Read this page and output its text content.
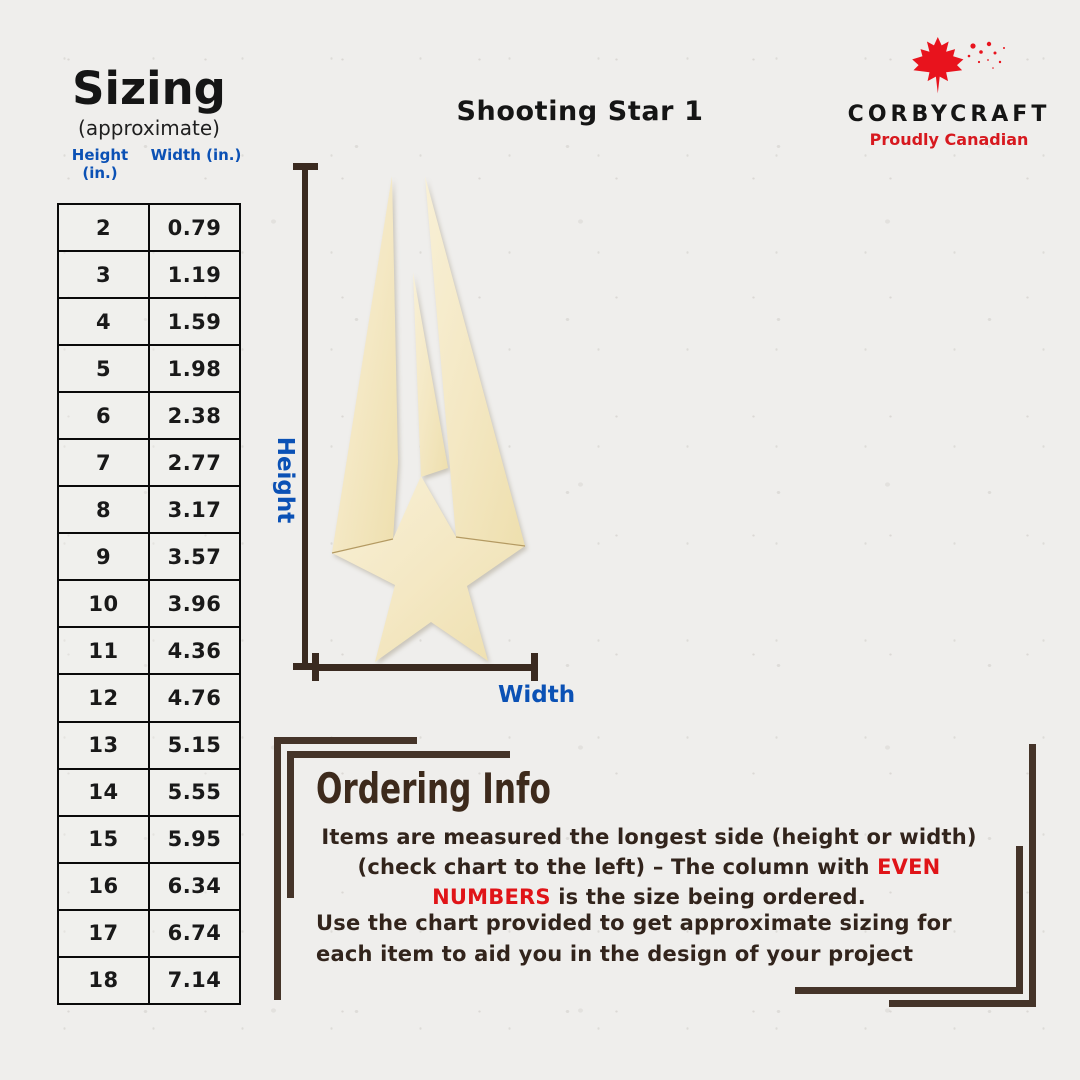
Sizing
(approximate)
Height (in.)
Width (in.)
2	0.79
3	1.19
4	1.59
5	1.98
6	2.38
7	2.77
8	3.17
9	3.57
10	3.96
11	4.36
12	4.76
13	5.15
14	5.55
15	5.95
16	6.34
17	6.74
18	7.14
Shooting Star 1	CORBYCRAFT
Proudly Canadian
Height
Width
Ordering Info
Items are measured the longest side (height or width) (check chart to the left) – The column with EVEN NUMBERS is the size being ordered.
Use the chart provided to get approximate sizing for each item to aid you in the design of your project
